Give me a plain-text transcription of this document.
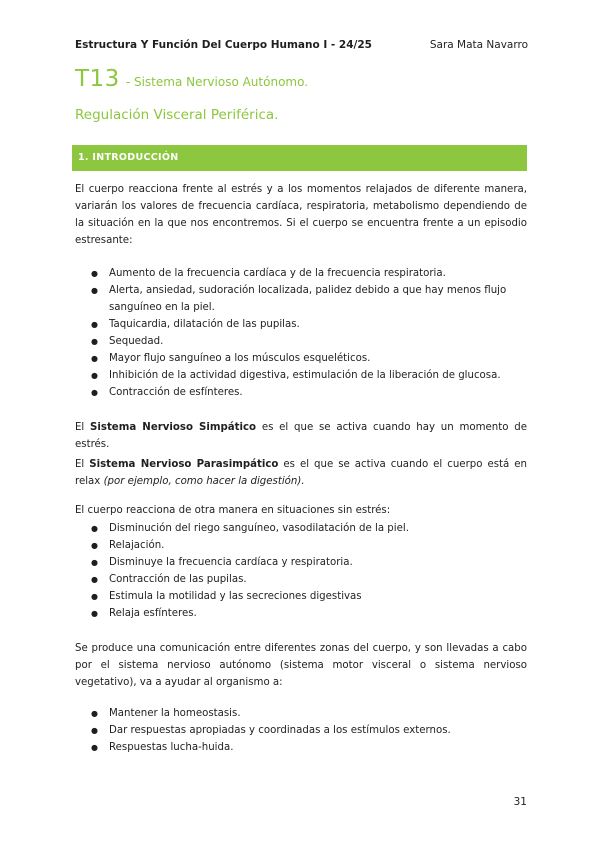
Estructura Y Función Del Cuerpo Humano I - 24/25	Sara Mata Navarro
T13 - Sistema Nervioso Autónomo.
Regulación Visceral Periférica.
1. INTRODUCCIÓN
El cuerpo reacciona frente al estrés y a los momentos relajados de diferente manera, variarán los valores de frecuencia cardíaca, respiratoria, metabolismo dependiendo de la situación en la que nos encontremos. Si el cuerpo se encuentra frente a un episodio estresante:
● Aumento de la frecuencia cardíaca y de la frecuencia respiratoria.
● Alerta, ansiedad, sudoración localizada, palidez debido a que hay menos flujo sanguíneo en la piel.
● Taquicardia, dilatación de las pupilas.
● Sequedad.
● Mayor flujo sanguíneo a los músculos esqueléticos.
● Inhibición de la actividad digestiva, estimulación de la liberación de glucosa.
● Contracción de esfínteres.
El Sistema Nervioso Simpático es el que se activa cuando hay un momento de estrés.
El Sistema Nervioso Parasimpático es el que se activa cuando el cuerpo está en relax (por ejemplo, como hacer la digestión).
El cuerpo reacciona de otra manera en situaciones sin estrés:
● Disminución del riego sanguíneo, vasodilatación de la piel.
● Relajación.
● Disminuye la frecuencia cardíaca y respiratoria.
● Contracción de las pupilas.
● Estimula la motilidad y las secreciones digestivas
● Relaja esfínteres.
Se produce una comunicación entre diferentes zonas del cuerpo, y son llevadas a cabo por el sistema nervioso autónomo (sistema motor visceral o sistema nervioso vegetativo), va a ayudar al organismo a:
● Mantener la homeostasis.
● Dar respuestas apropiadas y coordinadas a los estímulos externos.
● Respuestas lucha-huida.
31
